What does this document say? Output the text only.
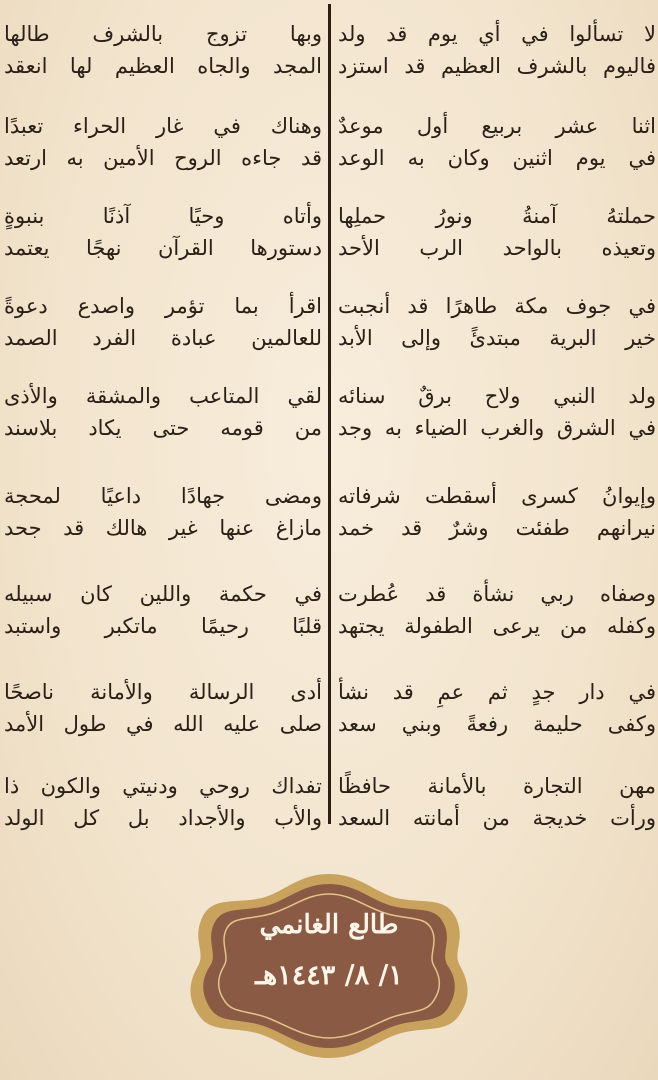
لا تسألوا في أي يوم قد ولد
فاليوم بالشرف العظيم قد استزد
اثنا عشر بربيع أول موعدٌ
في يوم اثنين وكان به الوعد
حملتهُ آمنةُ ونورُ حملِها
وتعيذه بالواحد الرب الأحد
في جوف مكة طاهرًا قد أنجبت
خير البرية مبتدئً وإلى الأبد
ولد النبي ولاح برقٌ سنائه
في الشرق والغرب الضياء به وجد
وإيوانُ كسرى أسقطت شرفاته
نيرانهم طفئت وشرٌ قد خمد
وصفاه ربي نشأة قد عُطرت
وكفله من يرعى الطفولة يجتهد
في دار جدٍ ثم عمٍ قد نشأ
وكفى حليمة رفعةً وبني سعد
مهن التجارة بالأمانة حافظًا
ورأت خديجة من أمانته السعد
وبها تزوج بالشرف طالها
المجد والجاه العظيم لها انعقد
وهناك في غار الحراء تعبدًا
قد جاءه الروح الأمين به ارتعد
وأتاه وحيًا آذنًا بنبوةٍ
دستورها القرآن نهجًا يعتمد
اقرأ بما تؤمر واصدع دعوةً
للعالمين عبادة الفرد الصمد
لقي المتاعب والمشقة والأذى
من قومه حتى يكاد بلاسند
ومضى جهادًا داعيًا لمحجة
مازاغ عنها غير هالك قد جحد
في حكمة واللين كان سبيله
قلبًا رحيمًا ماتكبر واستبد
أدى الرسالة والأمانة ناصحًا
صلى عليه الله في طول الأمد
تفداك روحي ودنيتي والكون ذا
والأب والأجداد بل كل الولد
طالع الغانمي
١/ ٨/ ١٤٤٣هـ
